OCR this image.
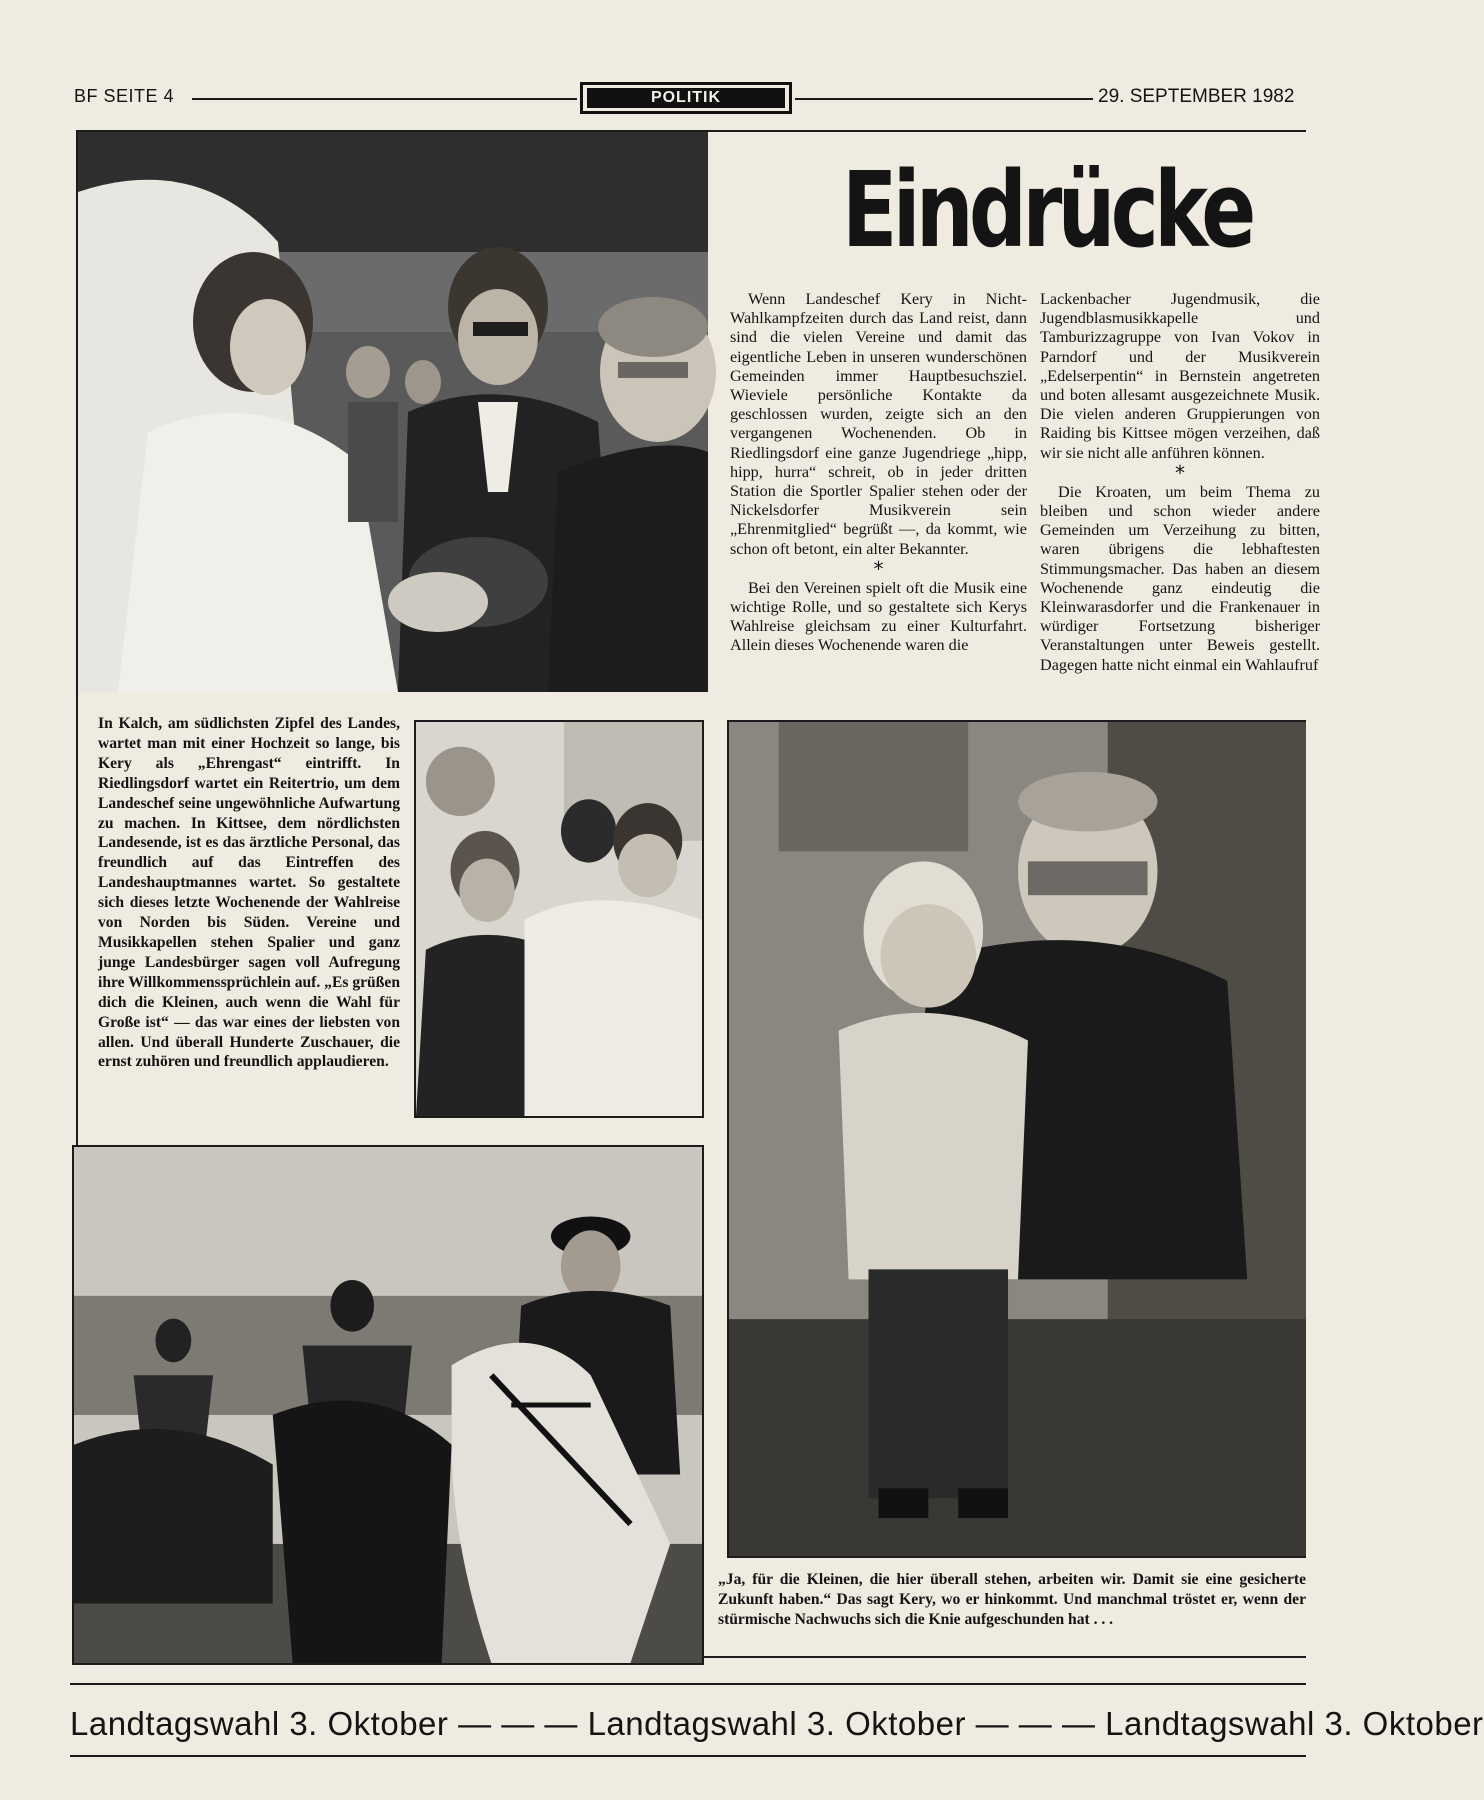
BF SEITE 4	POLITIK	29. SEPTEMBER 1982
Eindrücke

Wenn Landeschef Kery in Nicht-Wahlkampfzeiten durch das Land reist, dann sind die vielen Vereine und damit das eigentliche Leben in unseren wunderschönen Gemeinden immer Hauptbesuchsziel. Wieviele persönliche Kontakte da geschlossen wurden, zeigte sich an den vergangenen Wochenenden. Ob in Riedlingsdorf eine ganze Jugendriege „hipp, hipp, hurra“ schreit, ob in jeder dritten Station die Sportler Spalier stehen oder der Nickelsdorfer Musikverein sein „Ehrenmitglied“ begrüßt —, da kommt, wie schon oft betont, ein alter Bekannter.

*

Bei den Vereinen spielt oft die Musik eine wichtige Rolle, und so gestaltete sich Kerys Wahlreise gleichsam zu einer Kulturfahrt. Allein dieses Wochenende waren die

Lackenbacher Jugendmusik, die Jugendblasmusikkapelle und Tamburizzagruppe von Ivan Vokov in Parndorf und der Musikverein „Edelserpentin“ in Bernstein angetreten und boten allesamt ausgezeichnete Musik. Die vielen anderen Gruppierungen von Raiding bis Kittsee mögen verzeihen, daß wir sie nicht alle anführen können.

*

Die Kroaten, um beim Thema zu bleiben und schon wieder andere Gemeinden um Verzeihung zu bitten, waren übrigens die lebhaftesten Stimmungsmacher. Das haben an diesem Wochenende ganz eindeutig die Kleinwarasdorfer und die Frankenauer in würdiger Fortsetzung bisheriger Veranstaltungen unter Beweis gestellt. Dagegen hatte nicht einmal ein Wahlaufruf

In Kalch, am südlichsten Zipfel des Landes, wartet man mit einer Hochzeit so lange, bis Kery als „Ehrengast“ eintrifft. In Riedlingsdorf wartet ein Reitertrio, um dem Landeschef seine ungewöhnliche Aufwartung zu machen. In Kittsee, dem nördlichsten Landesende, ist es das ärztliche Personal, das freundlich auf das Eintreffen des Landeshauptmannes wartet. So gestaltete sich dieses letzte Wochenende der Wahlreise von Norden bis Süden. Vereine und Musikkapellen stehen Spalier und ganz junge Landesbürger sagen voll Aufregung ihre Willkommenssprüchlein auf. „Es grüßen dich die Kleinen, auch wenn die Wahl für Große ist“ — das war eines der liebsten von allen. Und überall Hunderte Zuschauer, die ernst zuhören und freundlich applaudieren.
„Ja, für die Kleinen, die hier überall stehen, arbeiten wir. Damit sie eine gesicherte Zukunft haben.“ Das sagt Kery, wo er hinkommt. Und manchmal tröstet er, wenn der stürmische Nachwuchs sich die Knie aufgeschunden hat . . .
Landtagswahl 3. Oktober — — — Landtagswahl 3. Oktober — — — Landtagswahl 3. Oktober
